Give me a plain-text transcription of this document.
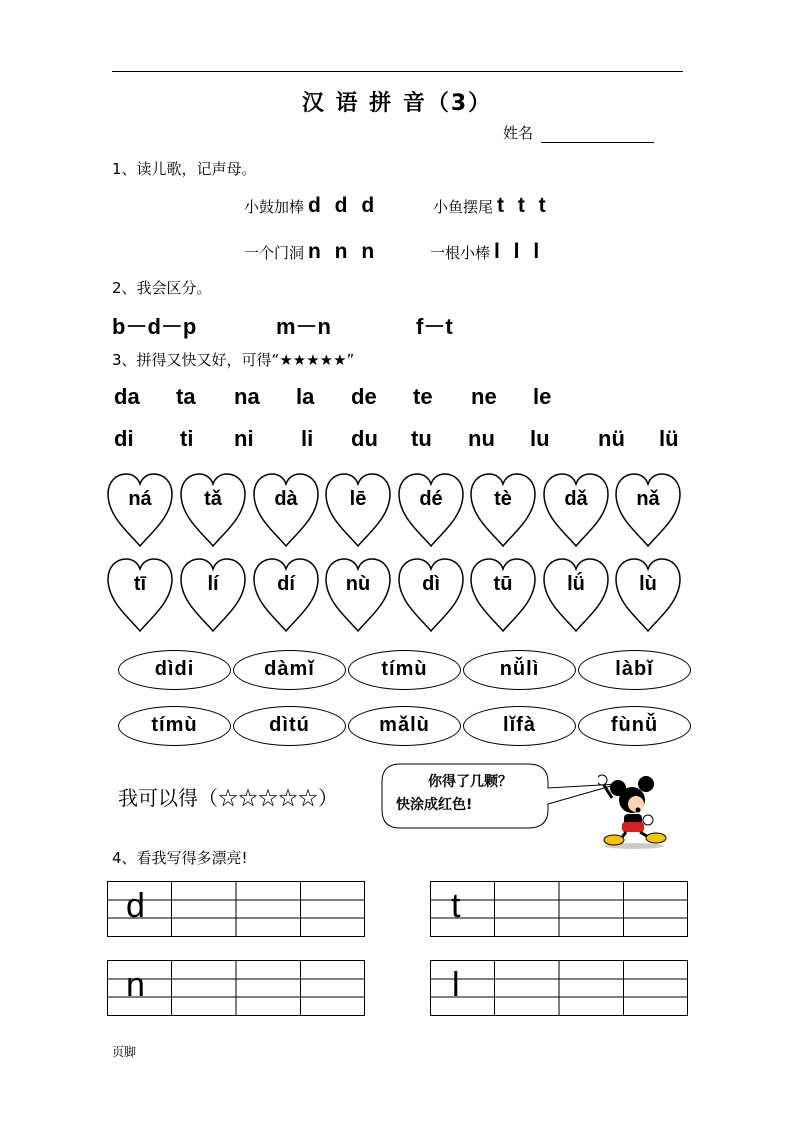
汉 语 拼 音（3）
姓名
1、读儿歌，记声母。
小鼓加棒 d d d	小鱼摆尾 t t t
一个门洞 n n n	一根小棒 l l l
2、我会区分。
b－d－p	m－n	f－t
3、拼得又快又好，可得“★★★★★”
da ta na la de te ne le
di ti ni li du tu nu lu nü lü
ná	tǎ	dà	lē	dé	tè	dǎ	nǎ
tī	lí	dí	nù	dì	tū	lǘ	lù
dìdi	dàmǐ	tímù	nǚlì	làbǐ
tímù	dìtú	mǎlù	lǐfà	fùnǚ
我可以得（☆☆☆☆☆）
你得了几颗？
快涂成红色!
4、看我写得多漂亮!
d	t
n	l
页脚
